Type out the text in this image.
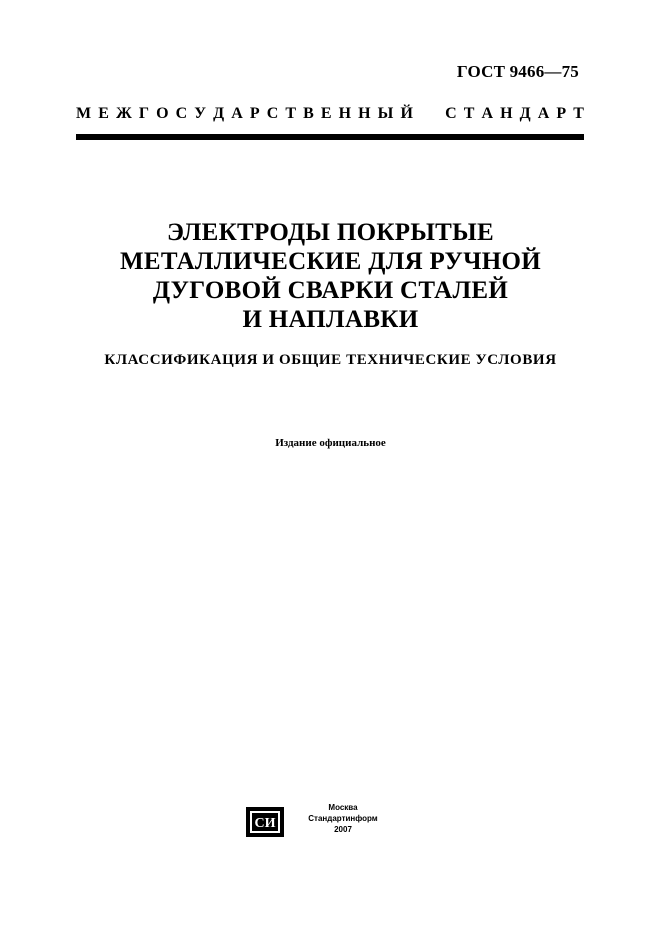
ГОСТ 9466—75
М Е Ж Г О С У Д А Р С Т В Е Н Н Ы Й С Т А Н Д А Р Т
ЭЛЕКТРОДЫ ПОКРЫТЫЕ
МЕТАЛЛИЧЕСКИЕ ДЛЯ РУЧНОЙ
ДУГОВОЙ СВАРКИ СТАЛЕЙ
И НАПЛАВКИ
КЛАССИФИКАЦИЯ И ОБЩИЕ ТЕХНИЧЕСКИЕ УСЛОВИЯ
Издание официальное
СИ
Москва
Стандартинформ
2007
